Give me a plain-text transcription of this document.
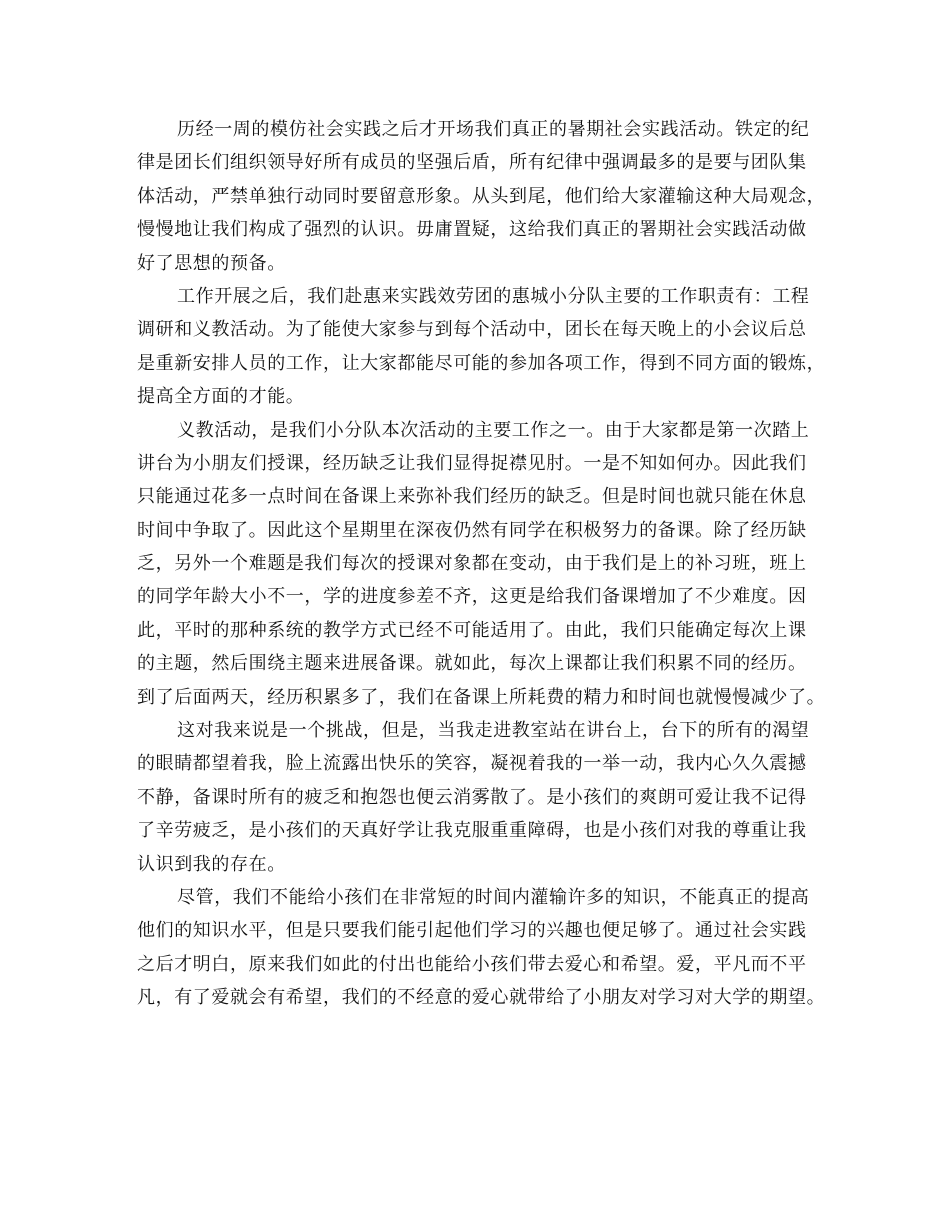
历经一周的模仿社会实践之后才开场我们真正的暑期社会实践活动。铁定的纪
律是团长们组织领导好所有成员的坚强后盾，所有纪律中强调最多的是要与团队集
体活动，严禁单独行动同时要留意形象。从头到尾，他们给大家灌输这种大局观念，
慢慢地让我们构成了强烈的认识。毋庸置疑，这给我们真正的署期社会实践活动做
好了思想的预备。
工作开展之后，我们赴惠来实践效劳团的惠城小分队主要的工作职责有：工程
调研和义教活动。为了能使大家参与到每个活动中，团长在每天晚上的小会议后总
是重新安排人员的工作，让大家都能尽可能的参加各项工作，得到不同方面的锻炼，
提高全方面的才能。
义教活动，是我们小分队本次活动的主要工作之一。由于大家都是第一次踏上
讲台为小朋友们授课，经历缺乏让我们显得捉襟见肘。一是不知如何办。因此我们
只能通过花多一点时间在备课上来弥补我们经历的缺乏。但是时间也就只能在休息
时间中争取了。因此这个星期里在深夜仍然有同学在积极努力的备课。除了经历缺
乏，另外一个难题是我们每次的授课对象都在变动，由于我们是上的补习班，班上
的同学年龄大小不一，学的进度参差不齐，这更是给我们备课增加了不少难度。因
此，平时的那种系统的教学方式已经不可能适用了。由此，我们只能确定每次上课
的主题，然后围绕主题来进展备课。就如此，每次上课都让我们积累不同的经历。
到了后面两天，经历积累多了，我们在备课上所耗费的精力和时间也就慢慢减少了。
这对我来说是一个挑战，但是，当我走进教室站在讲台上，台下的所有的渴望
的眼睛都望着我，脸上流露出快乐的笑容，凝视着我的一举一动，我内心久久震撼
不静，备课时所有的疲乏和抱怨也便云消雾散了。是小孩们的爽朗可爱让我不记得
了辛劳疲乏，是小孩们的天真好学让我克服重重障碍，也是小孩们对我的尊重让我
认识到我的存在。
尽管，我们不能给小孩们在非常短的时间内灌输许多的知识，不能真正的提高
他们的知识水平，但是只要我们能引起他们学习的兴趣也便足够了。通过社会实践
之后才明白，原来我们如此的付出也能给小孩们带去爱心和希望。爱，平凡而不平
凡，有了爱就会有希望，我们的不经意的爱心就带给了小朋友对学习对大学的期望。
